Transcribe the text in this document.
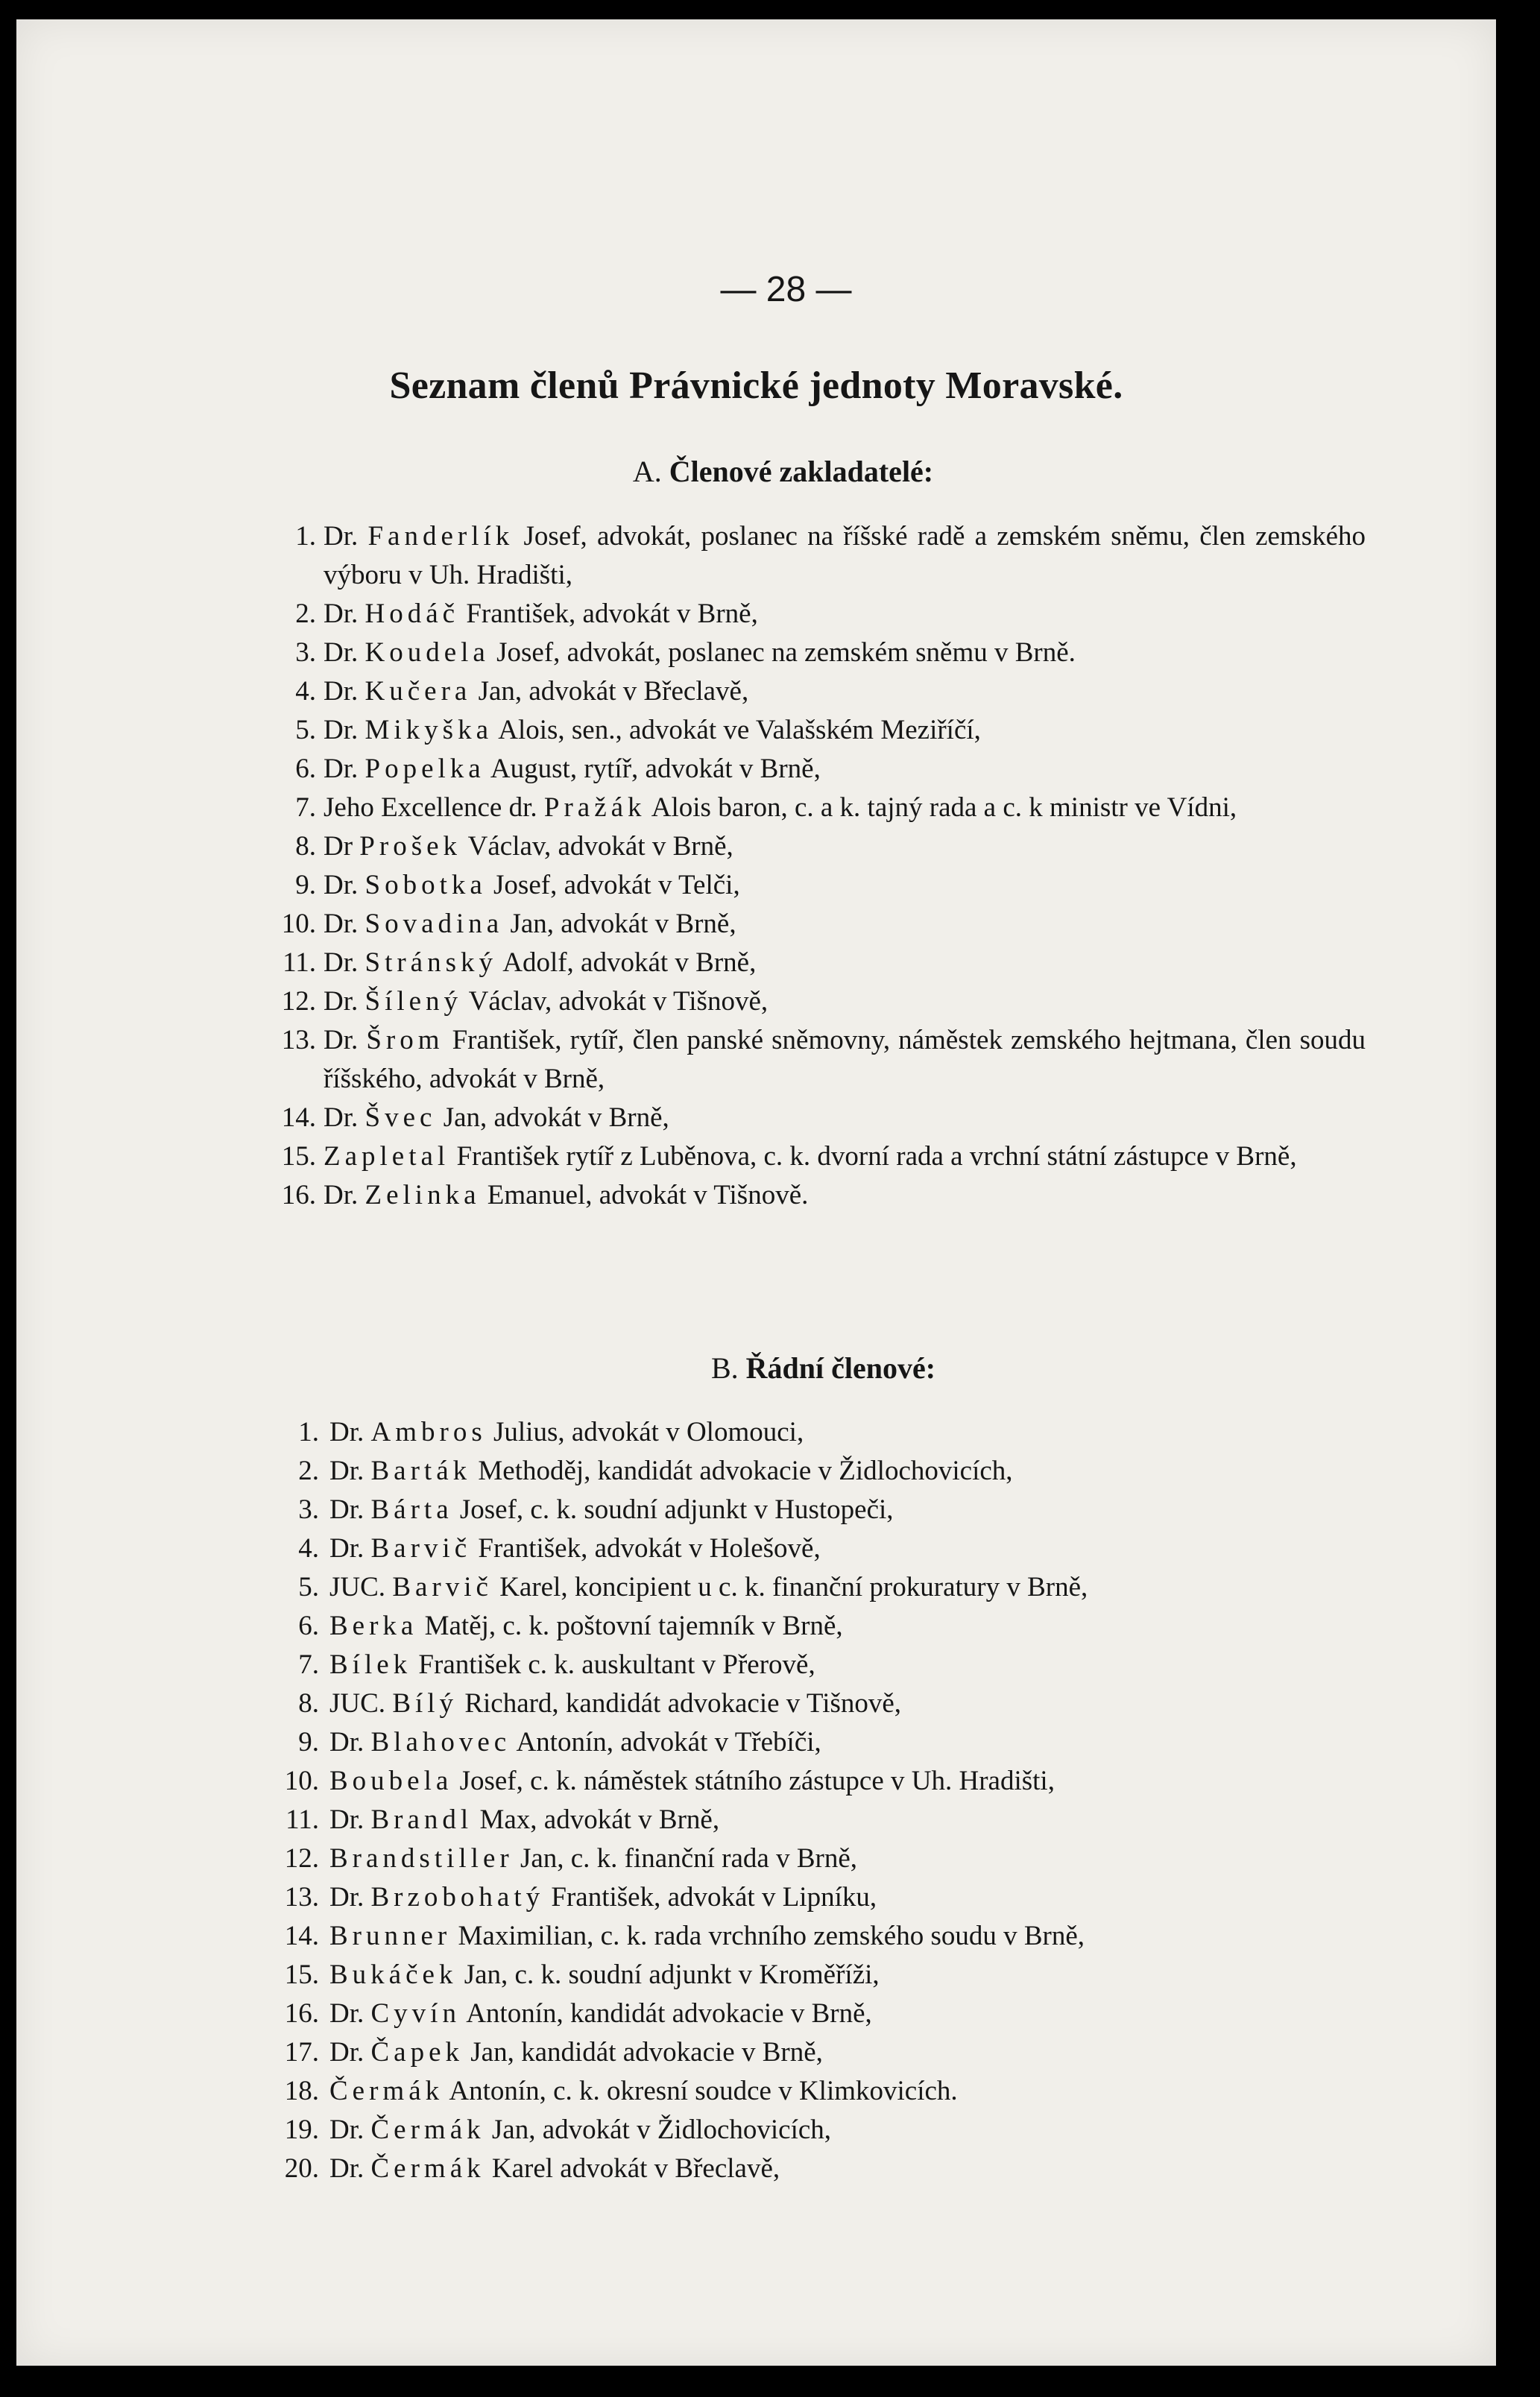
— 28 —
Seznam členů Právnické jednoty Moravské.
A. Členové zakladatelé:
1. Dr. Fanderlík Josef, advokát, poslanec na říšské radě a zemském sněmu, člen zemského výboru v Uh. Hradišti,
2. Dr. Hodáč František, advokát v Brně,
3. Dr. Koudela Josef, advokát, poslanec na zemském sněmu v Brně.
4. Dr. Kučera Jan, advokát v Břeclavě,
5. Dr. Mikyška Alois, sen., advokát ve Valašském Meziříčí,
6. Dr. Popelka August, rytíř, advokát v Brně,
7. Jeho Excellence dr. Pražák Alois baron, c. a k. tajný rada a c. k ministr ve Vídni,
8. Dr Prošek Václav, advokát v Brně,
9. Dr. Sobotka Josef, advokát v Telči,
10. Dr. Sovadina Jan, advokát v Brně,
11. Dr. Stránský Adolf, advokát v Brně,
12. Dr. Šílený Václav, advokát v Tišnově,
13. Dr. Šrom František, rytíř, člen panské sněmovny, náměstek zemského hejtmana, člen soudu říšského, advokát v Brně,
14. Dr. Švec Jan, advokát v Brně,
15. Zapletal František rytíř z Luběnova, c. k. dvorní rada a vrchní státní zástupce v Brně,
16. Dr. Zelinka Emanuel, advokát v Tišnově.
B. Řádní členové:
1. Dr. Ambros Julius, advokát v Olomouci,
2. Dr. Barták Methoděj, kandidát advokacie v Židlochovicích,
3. Dr. Bárta Josef, c. k. soudní adjunkt v Hustopeči,
4. Dr. Barvič František, advokát v Holešově,
5. JUC. Barvič Karel, koncipient u c. k. finanční prokuratury v Brně,
6. Berka Matěj, c. k. poštovní tajemník v Brně,
7. Bílek František c. k. auskultant v Přerově,
8. JUC. Bílý Richard, kandidát advokacie v Tišnově,
9. Dr. Blahovec Antonín, advokát v Třebíči,
10. Boubela Josef, c. k. náměstek státního zástupce v Uh. Hradišti,
11. Dr. Brandl Max, advokát v Brně,
12. Brandstiller Jan, c. k. finanční rada v Brně,
13. Dr. Brzobohatý František, advokát v Lipníku,
14. Brunner Maximilian, c. k. rada vrchního zemského soudu v Brně,
15. Bukáček Jan, c. k. soudní adjunkt v Kroměříži,
16. Dr. Cyvín Antonín, kandidát advokacie v Brně,
17. Dr. Čapek Jan, kandidát advokacie v Brně,
18. Čermák Antonín, c. k. okresní soudce v Klimkovicích.
19. Dr. Čermák Jan, advokát v Židlochovicích,
20. Dr. Čermák Karel advokát v Břeclavě,
